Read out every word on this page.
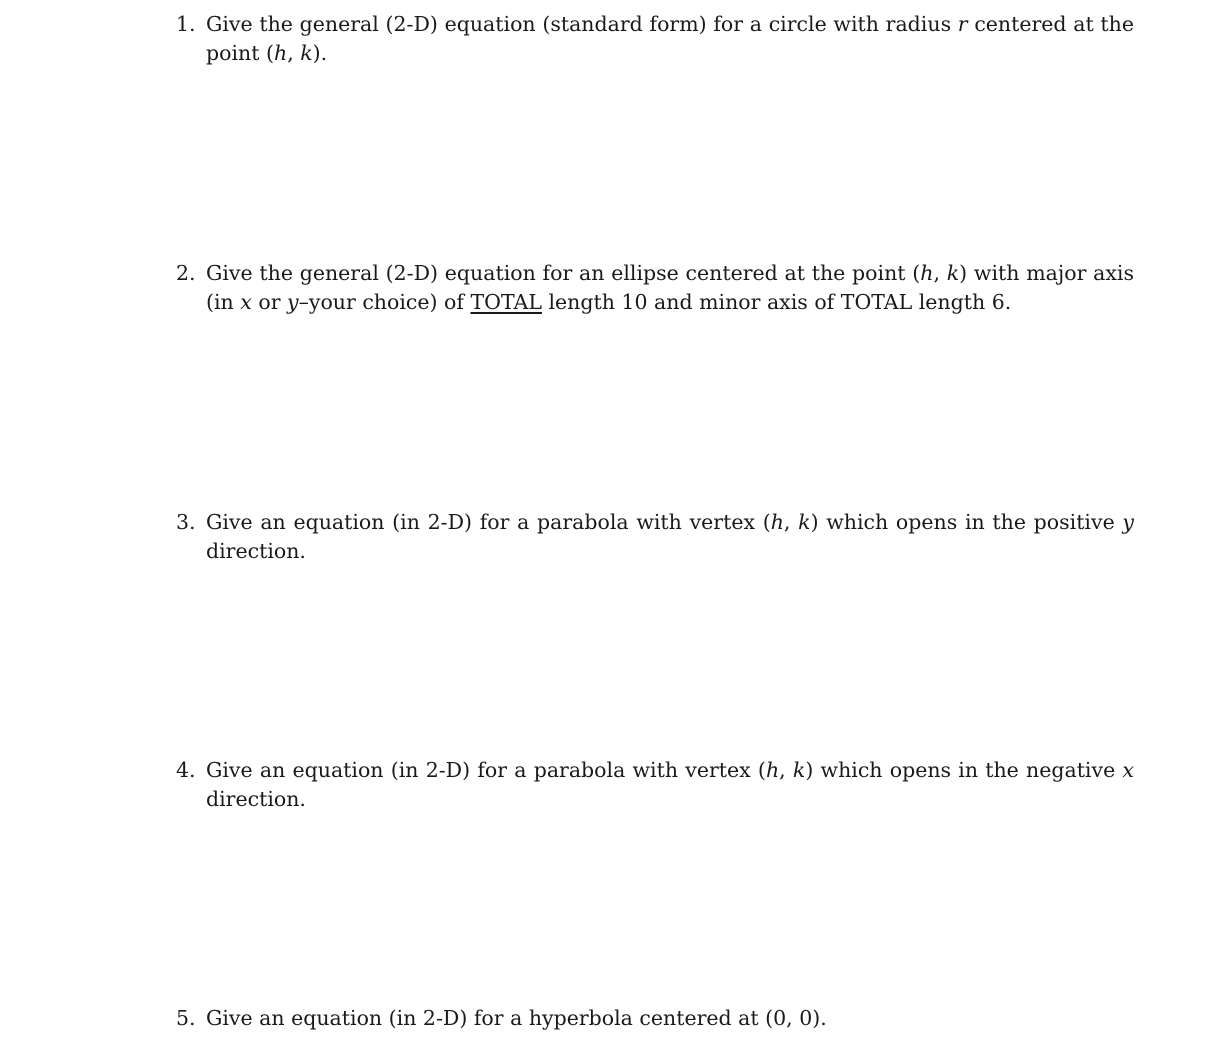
1. Give the general (2-D) equation (standard form) for a circle with radius r centered at the point (h, k).
2. Give the general (2-D) equation for an ellipse centered at the point (h, k) with major axis (in x or y–your choice) of TOTAL length 10 and minor axis of TOTAL length 6.
3. Give an equation (in 2-D) for a parabola with vertex (h, k) which opens in the positive y direction.
4. Give an equation (in 2-D) for a parabola with vertex (h, k) which opens in the negative x direction.
5. Give an equation (in 2-D) for a hyperbola centered at (0, 0).
